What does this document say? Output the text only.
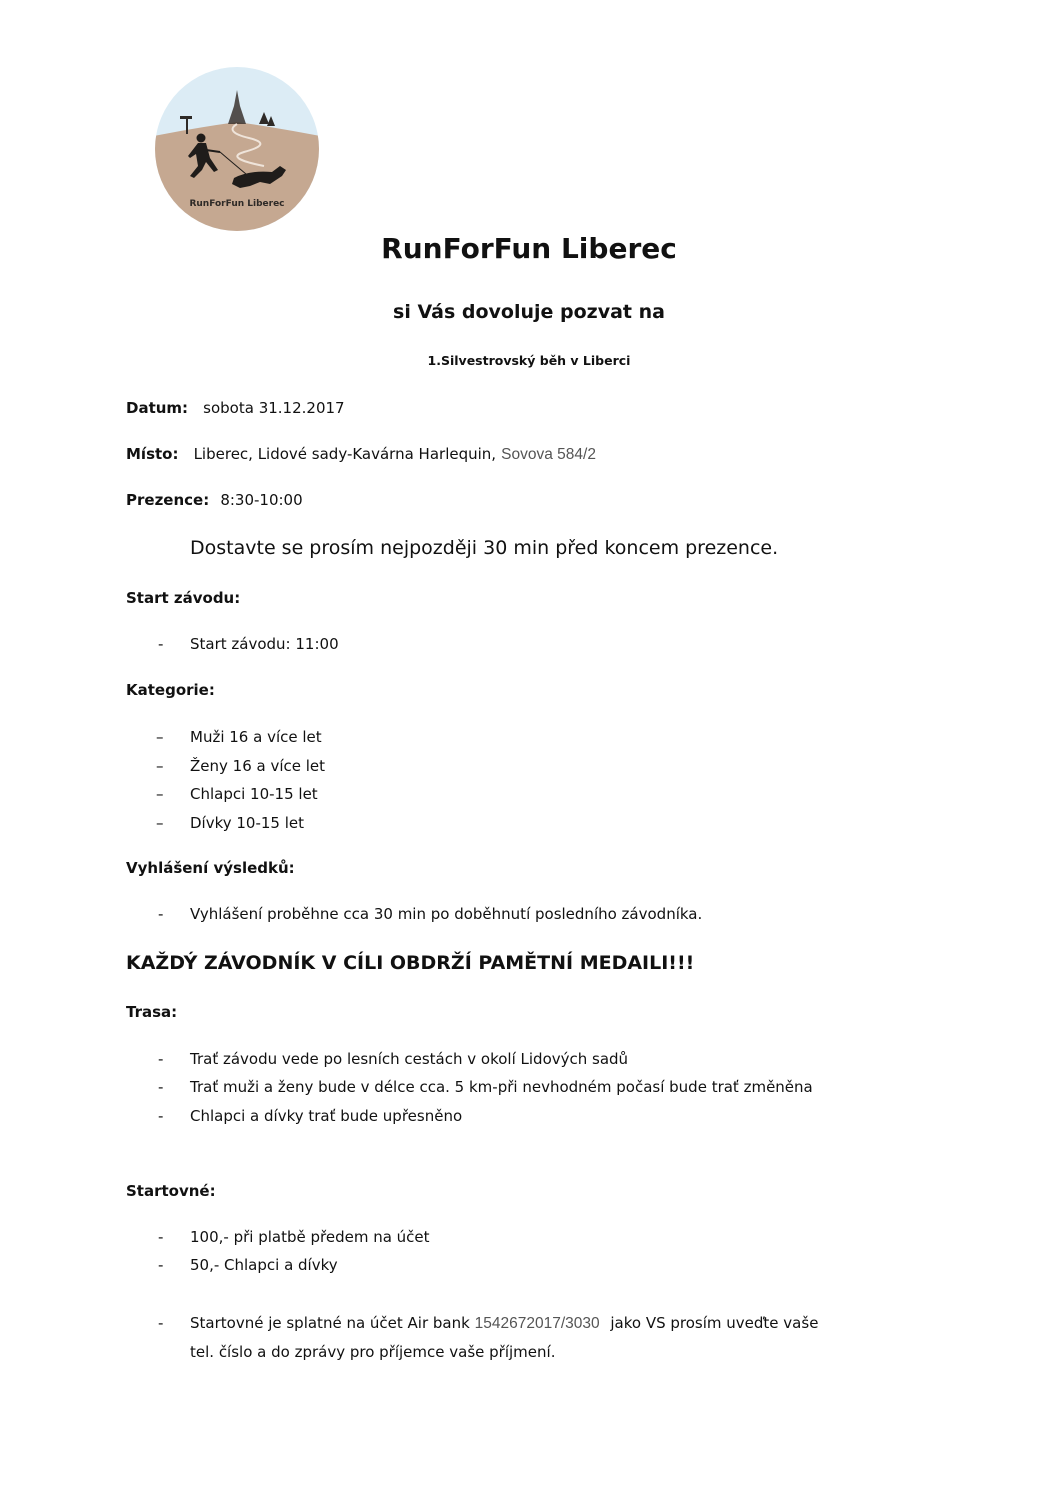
RunForFun Liberec
RunForFun Liberec
si Vás dovoluje pozvat na
1.Silvestrovský běh v Liberci
Datum: sobota 31.12.2017
Místo: Liberec, Lidové sady-Kavárna Harlequin, Sovova 584/2
Prezence: 8:30-10:00
Dostavte se prosím nejpozději 30 min před koncem prezence.
Start závodu:
- Start závodu: 11:00
Kategorie:
– Muži 16 a více let
– Ženy 16 a více let
– Chlapci 10-15 let
– Dívky 10-15 let
Vyhlášení výsledků:
- Vyhlášení proběhne cca 30 min po doběhnutí posledního závodníka.
KAŽDÝ ZÁVODNÍK V CÍLI OBDRŽÍ PAMĚTNÍ MEDAILI!!!
Trasa:
- Trať závodu vede po lesních cestách v okolí Lidových sadů
- Trať muži a ženy bude v délce cca. 5 km-při nevhodném počasí bude trať změněna
- Chlapci a dívky trať bude upřesněno
Startovné:
- 100,- při platbě předem na účet
- 50,- Chlapci a dívky
- Startovné je splatné na účet Air bank 1542672017/3030 jako VS prosím uveďte vaše
tel. číslo a do zprávy pro příjemce vaše příjmení.
